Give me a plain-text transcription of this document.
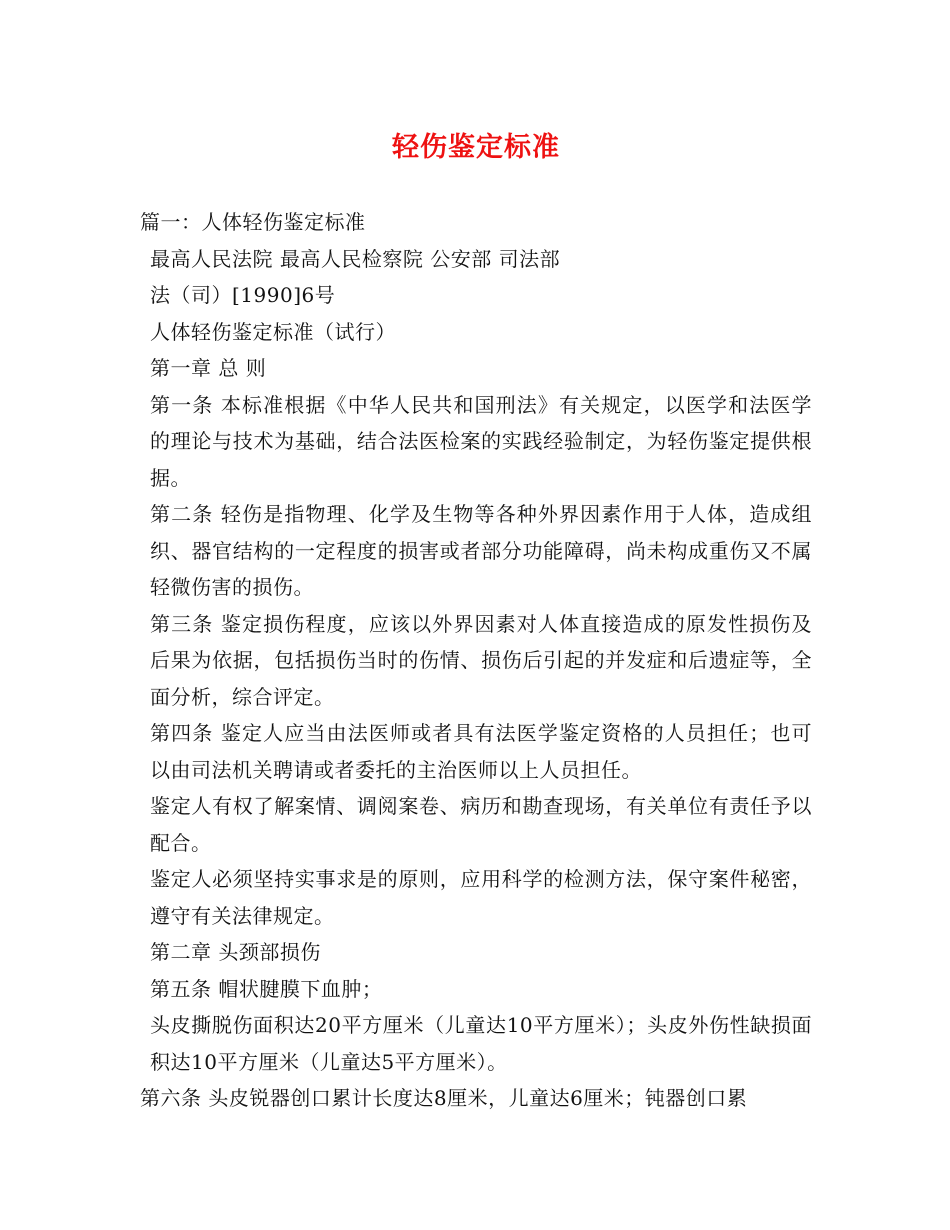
轻伤鉴定标准

篇一：人体轻伤鉴定标准

最高人民法院 最高人民检察院 公安部 司法部

法（司）[1990]6号

人体轻伤鉴定标准（试行）

第一章 总 则

第一条 本标准根据《中华人民共和国刑法》有关规定，以医学和法医学的理论与技术为基础，结合法医检案的实践经验制定，为轻伤鉴定提供根据。

第二条 轻伤是指物理、化学及生物等各种外界因素作用于人体，造成组织、器官结构的一定程度的损害或者部分功能障碍，尚未构成重伤又不属轻微伤害的损伤。

第三条 鉴定损伤程度，应该以外界因素对人体直接造成的原发性损伤及后果为依据，包括损伤当时的伤情、损伤后引起的并发症和后遗症等，全面分析，综合评定。

第四条 鉴定人应当由法医师或者具有法医学鉴定资格的人员担任；也可以由司法机关聘请或者委托的主治医师以上人员担任。

鉴定人有权了解案情、调阅案卷、病历和勘查现场，有关单位有责任予以配合。

鉴定人必须坚持实事求是的原则，应用科学的检测方法，保守案件秘密，遵守有关法律规定。

第二章 头颈部损伤

第五条 帽状腱膜下血肿；

头皮撕脱伤面积达20平方厘米（儿童达10平方厘米）；头皮外伤性缺损面积达10平方厘米（儿童达5平方厘米）。

第六条 头皮锐器创口累计长度达8厘米，儿童达6厘米；钝器创口累
